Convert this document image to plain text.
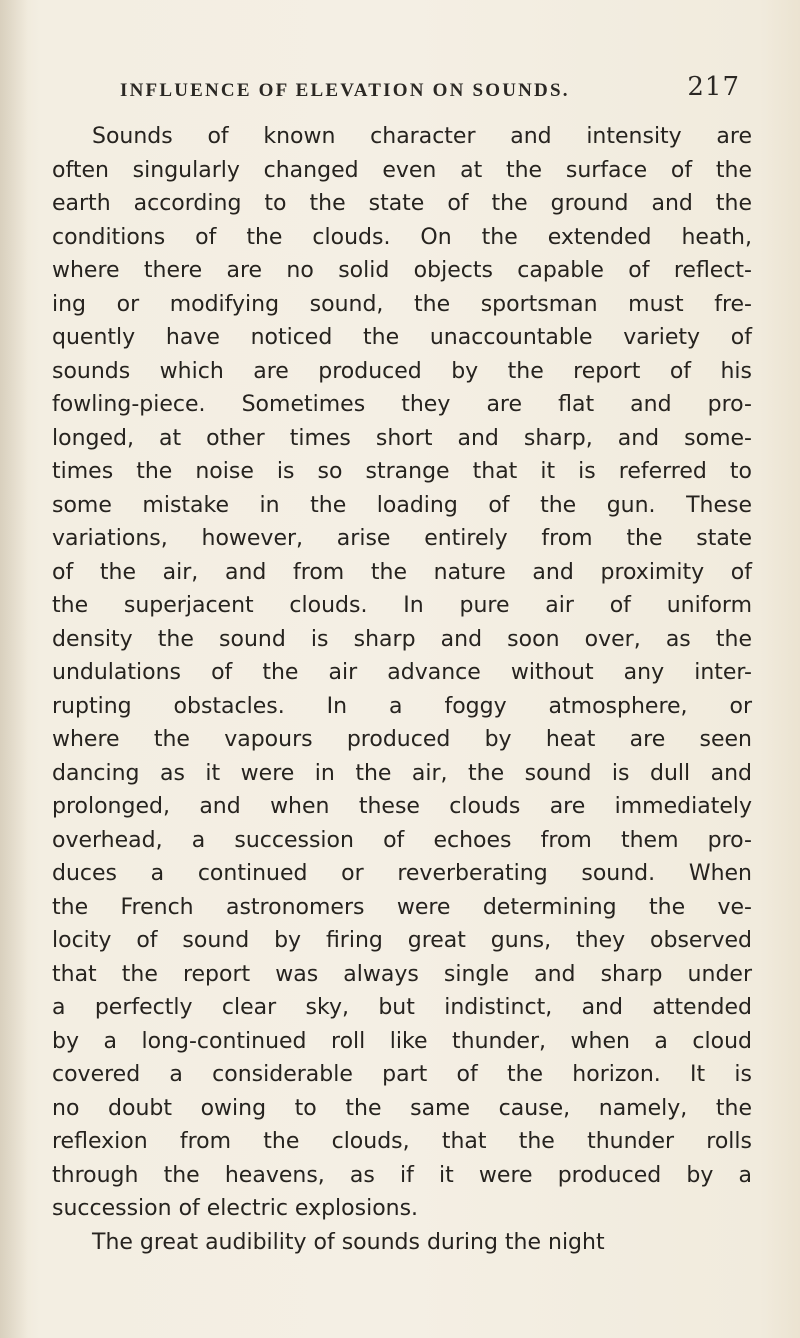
INFLUENCE OF ELEVATION ON SOUNDS.	217
Sounds of known character and intensity are
often singularly changed even at the surface of the
earth according to the state of the ground and the
conditions of the clouds. On the extended heath,
where there are no solid objects capable of reflect-
ing or modifying sound, the sportsman must fre-
quently have noticed the unaccountable variety of
sounds which are produced by the report of his
fowling-piece. Sometimes they are flat and pro-
longed, at other times short and sharp, and some-
times the noise is so strange that it is referred to
some mistake in the loading of the gun. These
variations, however, arise entirely from the state
of the air, and from the nature and proximity of
the superjacent clouds. In pure air of uniform
density the sound is sharp and soon over, as the
undulations of the air advance without any inter-
rupting obstacles. In a foggy atmosphere, or
where the vapours produced by heat are seen
dancing as it were in the air, the sound is dull and
prolonged, and when these clouds are immediately
overhead, a succession of echoes from them pro-
duces a continued or reverberating sound. When
the French astronomers were determining the ve-
locity of sound by firing great guns, they observed
that the report was always single and sharp under
a perfectly clear sky, but indistinct, and attended
by a long-continued roll like thunder, when a cloud
covered a considerable part of the horizon. It is
no doubt owing to the same cause, namely, the
reflexion from the clouds, that the thunder rolls
through the heavens, as if it were produced by a
succession of electric explosions.
The great audibility of sounds during the night
